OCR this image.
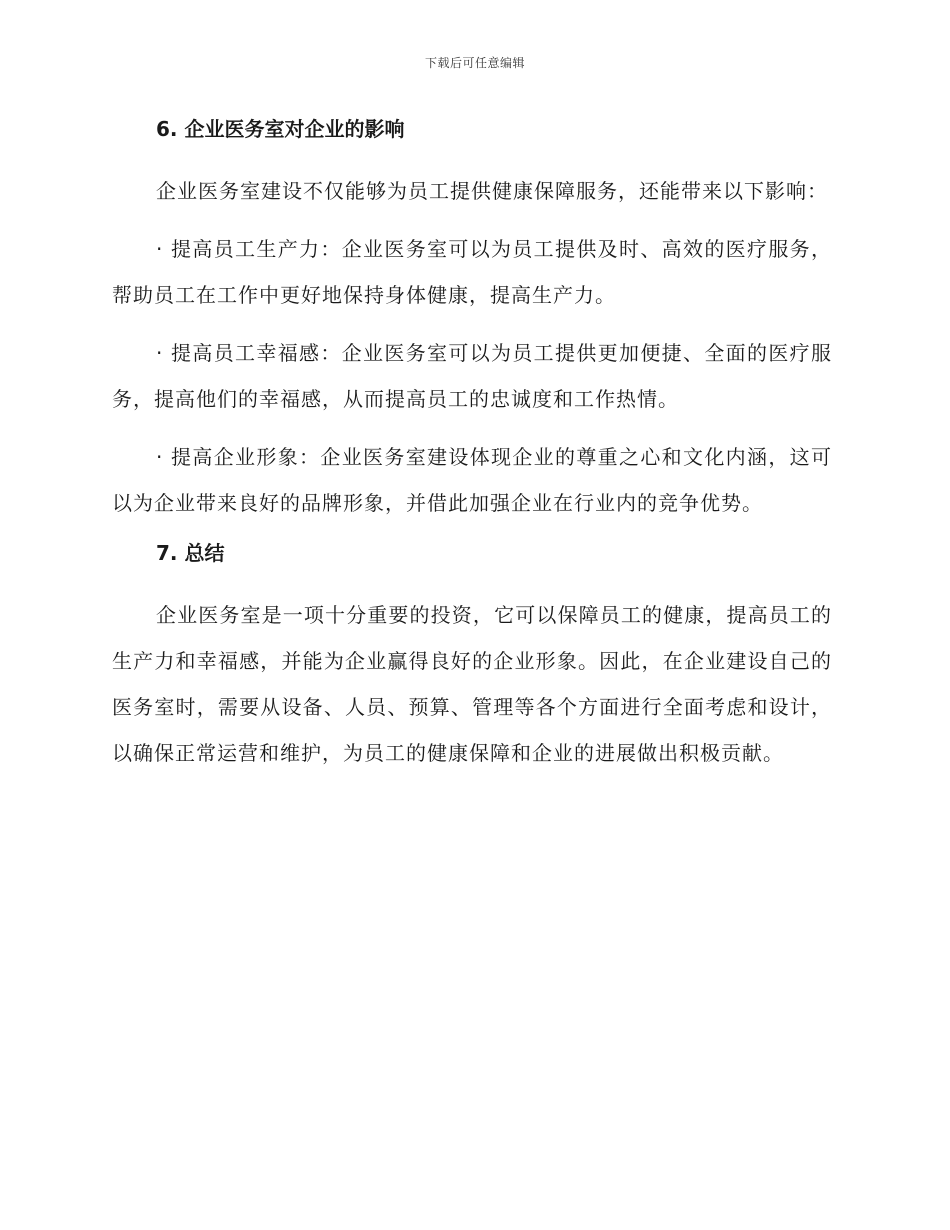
下载后可任意编辑
6. 企业医务室对企业的影响

企业医务室建设不仅能够为员工提供健康保障服务，还能带来以下影响：

· 提高员工生产力：企业医务室可以为员工提供及时、高效的医疗服务，帮助员工在工作中更好地保持身体健康，提高生产力。

· 提高员工幸福感：企业医务室可以为员工提供更加便捷、全面的医疗服务，提高他们的幸福感，从而提高员工的忠诚度和工作热情。

· 提高企业形象：企业医务室建设体现企业的尊重之心和文化内涵，这可以为企业带来良好的品牌形象，并借此加强企业在行业内的竞争优势。

7. 总结

企业医务室是一项十分重要的投资，它可以保障员工的健康，提高员工的生产力和幸福感，并能为企业赢得良好的企业形象。因此，在企业建设自己的医务室时，需要从设备、人员、预算、管理等各个方面进行全面考虑和设计，以确保正常运营和维护，为员工的健康保障和企业的进展做出积极贡献。
